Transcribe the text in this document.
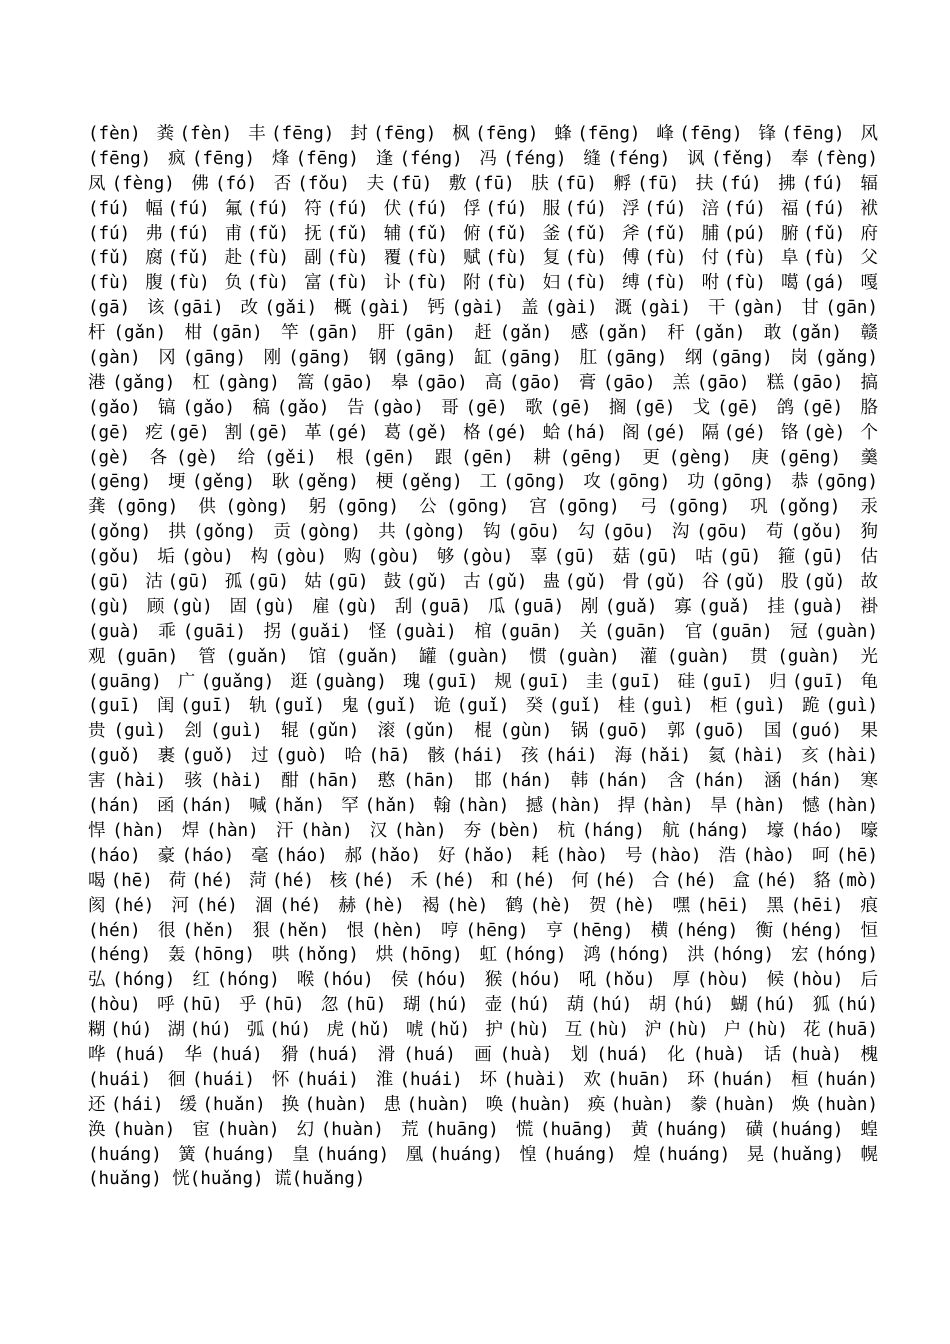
(fèn) 粪(fèn) 丰(fēng) 封(fēng) 枫(fēng) 蜂(fēng) 峰(fēng) 锋(fēng) 风
(fēng) 疯(fēng) 烽(fēng) 逢(féng) 冯(féng) 缝(féng) 讽(fěng) 奉(fèng)
凤(fèng) 佛(fó) 否(fǒu) 夫(fū) 敷(fū) 肤(fū) 孵(fū) 扶(fú) 拂(fú) 辐
(fú) 幅(fú) 氟(fú) 符(fú) 伏(fú) 俘(fú) 服(fú) 浮(fú) 涪(fú) 福(fú) 袱
(fú) 弗(fú) 甫(fǔ) 抚(fǔ) 辅(fǔ) 俯(fǔ) 釜(fǔ) 斧(fǔ) 脯(pú) 腑(fǔ) 府
(fǔ) 腐(fǔ) 赴(fù) 副(fù) 覆(fù) 赋(fù) 复(fù) 傅(fù) 付(fù) 阜(fù) 父
(fù) 腹(fù) 负(fù) 富(fù) 讣(fù) 附(fù) 妇(fù) 缚(fù) 咐(fù) 噶(gá) 嘎
(gā) 该(gāi) 改(gǎi) 概(gài) 钙(gài) 盖(gài) 溉(gài) 干(gàn) 甘(gān)
杆(gǎn) 柑(gān) 竿(gān) 肝(gān) 赶(gǎn) 感(gǎn) 秆(gǎn) 敢(gǎn) 赣
(gàn) 冈(gāng) 刚(gāng) 钢(gāng) 缸(gāng) 肛(gāng) 纲(gāng) 岗(gǎng)
港(gǎng) 杠(gàng) 篙(gāo) 皋(gāo) 高(gāo) 膏(gāo) 羔(gāo) 糕(gāo) 搞
(gǎo) 镐(gǎo) 稿(gǎo) 告(gào) 哥(gē) 歌(gē) 搁(gē) 戈(gē) 鸽(gē) 胳
(gē) 疙(gē) 割(gē) 革(gé) 葛(gě) 格(gé) 蛤(há) 阁(gé) 隔(gé) 铬(gè) 个
(gè) 各(gè) 给(gěi) 根(gēn) 跟(gēn) 耕(gēng) 更(gèng) 庚(gēng) 羹
(gēng) 埂(gěng) 耿(gěng) 梗(gěng) 工(gōng) 攻(gōng) 功(gōng) 恭(gōng)
龚(gōng) 供(gòng) 躬(gōng) 公(gōng) 宫(gōng) 弓(gōng) 巩(gǒng) 汞
(gǒng) 拱(gǒng) 贡(gòng) 共(gòng) 钩(gōu) 勾(gōu) 沟(gōu) 苟(gǒu) 狗
(gǒu) 垢(gòu) 构(gòu) 购(gòu) 够(gòu) 辜(gū) 菇(gū) 咕(gū) 箍(gū) 估
(gū) 沽(gū) 孤(gū) 姑(gū) 鼓(gǔ) 古(gǔ) 蛊(gǔ) 骨(gǔ) 谷(gǔ) 股(gǔ) 故
(gù) 顾(gù) 固(gù) 雇(gù) 刮(guā) 瓜(guā) 剐(guǎ) 寡(guǎ) 挂(guà) 褂
(guà) 乖(guāi) 拐(guǎi) 怪(guài) 棺(guān) 关(guān) 官(guān) 冠(guàn)
观(guān) 管(guǎn) 馆(guǎn) 罐(guàn) 惯(guàn) 灌(guàn) 贯(guàn) 光
(guāng) 广(guǎng) 逛(guàng) 瑰(guī) 规(guī) 圭(guī) 硅(guī) 归(guī) 龟
(guī) 闺(guī) 轨(guǐ) 鬼(guǐ) 诡(guǐ) 癸(guǐ) 桂(guì) 柜(guì) 跪(guì)
贵(guì) 刽(guì) 辊(gǔn) 滚(gǔn) 棍(gùn) 锅(guō) 郭(guō) 国(guó) 果
(guǒ) 裹(guǒ) 过(guò) 哈(hā) 骸(hái) 孩(hái) 海(hǎi) 氦(hài) 亥(hài)
害(hài) 骇(hài) 酣(hān) 憨(hān) 邯(hán) 韩(hán) 含(hán) 涵(hán) 寒
(hán) 函(hán) 喊(hǎn) 罕(hǎn) 翰(hàn) 撼(hàn) 捍(hàn) 旱(hàn) 憾(hàn)
悍(hàn) 焊(hàn) 汗(hàn) 汉(hàn) 夯(bèn) 杭(háng) 航(háng) 壕(háo) 嚎
(háo) 豪(háo) 毫(háo) 郝(hǎo) 好(hǎo) 耗(hào) 号(hào) 浩(hào) 呵(hē)
喝(hē) 荷(hé) 菏(hé) 核(hé) 禾(hé) 和(hé) 何(hé) 合(hé) 盒(hé) 貉(mò)
阂(hé) 河(hé) 涸(hé) 赫(hè) 褐(hè) 鹤(hè) 贺(hè) 嘿(hēi) 黑(hēi) 痕
(hén) 很(hěn) 狠(hěn) 恨(hèn) 哼(hēng) 亨(hēng) 横(héng) 衡(héng) 恒
(héng) 轰(hōng) 哄(hǒng) 烘(hōng) 虹(hóng) 鸿(hóng) 洪(hóng) 宏(hóng)
弘(hóng) 红(hóng) 喉(hóu) 侯(hóu) 猴(hóu) 吼(hǒu) 厚(hòu) 候(hòu) 后
(hòu) 呼(hū) 乎(hū) 忽(hū) 瑚(hú) 壶(hú) 葫(hú) 胡(hú) 蝴(hú) 狐(hú)
糊(hú) 湖(hú) 弧(hú) 虎(hǔ) 唬(hǔ) 护(hù) 互(hù) 沪(hù) 户(hù) 花(huā)
哗(huá) 华(huá) 猾(huá) 滑(huá) 画(huà) 划(huá) 化(huà) 话(huà) 槐
(huái) 徊(huái) 怀(huái) 淮(huái) 坏(huài) 欢(huān) 环(huán) 桓(huán)
还(hái) 缓(huǎn) 换(huàn) 患(huàn) 唤(huàn) 痪(huàn) 豢(huàn) 焕(huàn)
涣(huàn) 宦(huàn) 幻(huàn) 荒(huāng) 慌(huāng) 黄(huáng) 磺(huáng) 蝗
(huáng) 簧(huáng) 皇(huáng) 凰(huáng) 惶(huáng) 煌(huáng) 晃(huǎng) 幌
(huǎng) 恍(huǎng) 谎(huǎng)
